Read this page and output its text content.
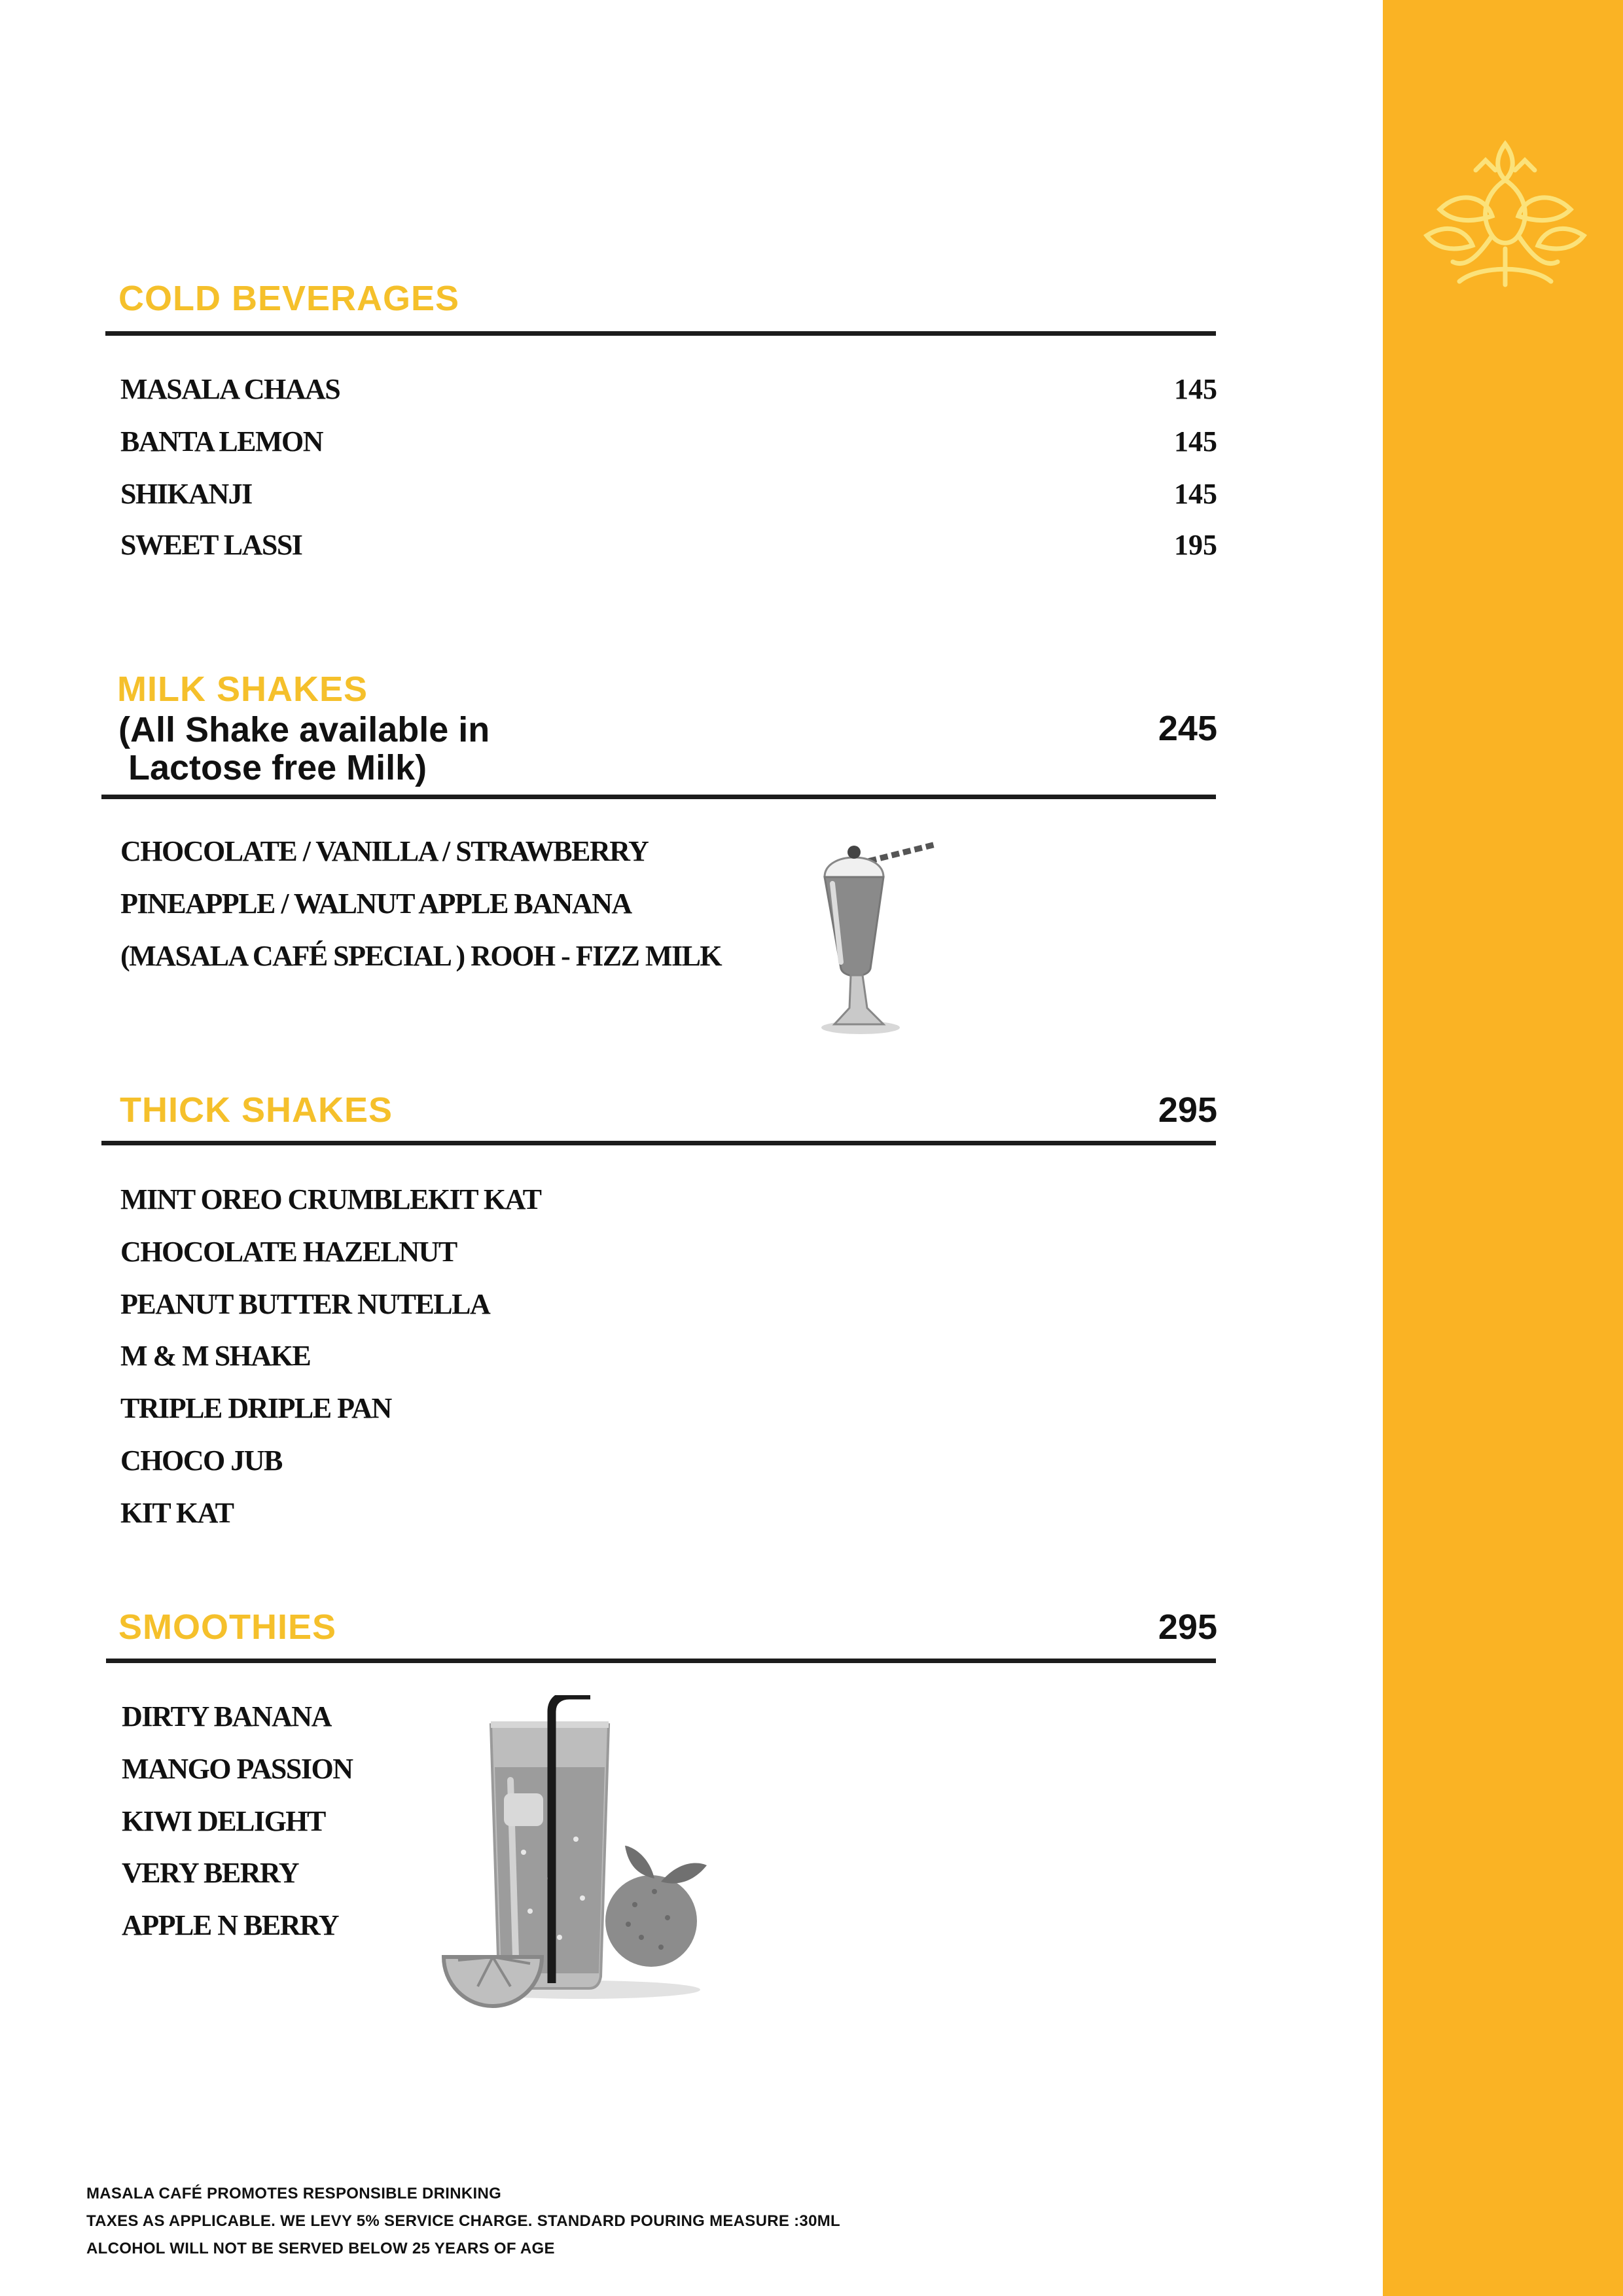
COLD BEVERAGES
MASALA CHAAS	145
BANTA LEMON	145
SHIKANJI	145
SWEET LASSI	195
MILK SHAKES
(All Shake available in
Lactose free Milk)
245
CHOCOLATE / VANILLA / STRAWBERRY
PINEAPPLE / WALNUT APPLE BANANA
(MASALA CAFÉ SPECIAL ) ROOH - FIZZ MILK
THICK SHAKES	295
MINT OREO CRUMBLEKIT KAT
CHOCOLATE HAZELNUT
PEANUT BUTTER NUTELLA
M & M SHAKE
TRIPLE DRIPLE PAN
CHOCO JUB
KIT KAT
SMOOTHIES	295
DIRTY BANANA
MANGO PASSION
KIWI DELIGHT
VERY BERRY
APPLE N BERRY
MASALA CAFÉ PROMOTES RESPONSIBLE DRINKING
TAXES AS APPLICABLE. WE LEVY 5% SERVICE CHARGE. STANDARD POURING MEASURE :30ML
ALCOHOL WILL NOT BE SERVED BELOW 25 YEARS OF AGE
